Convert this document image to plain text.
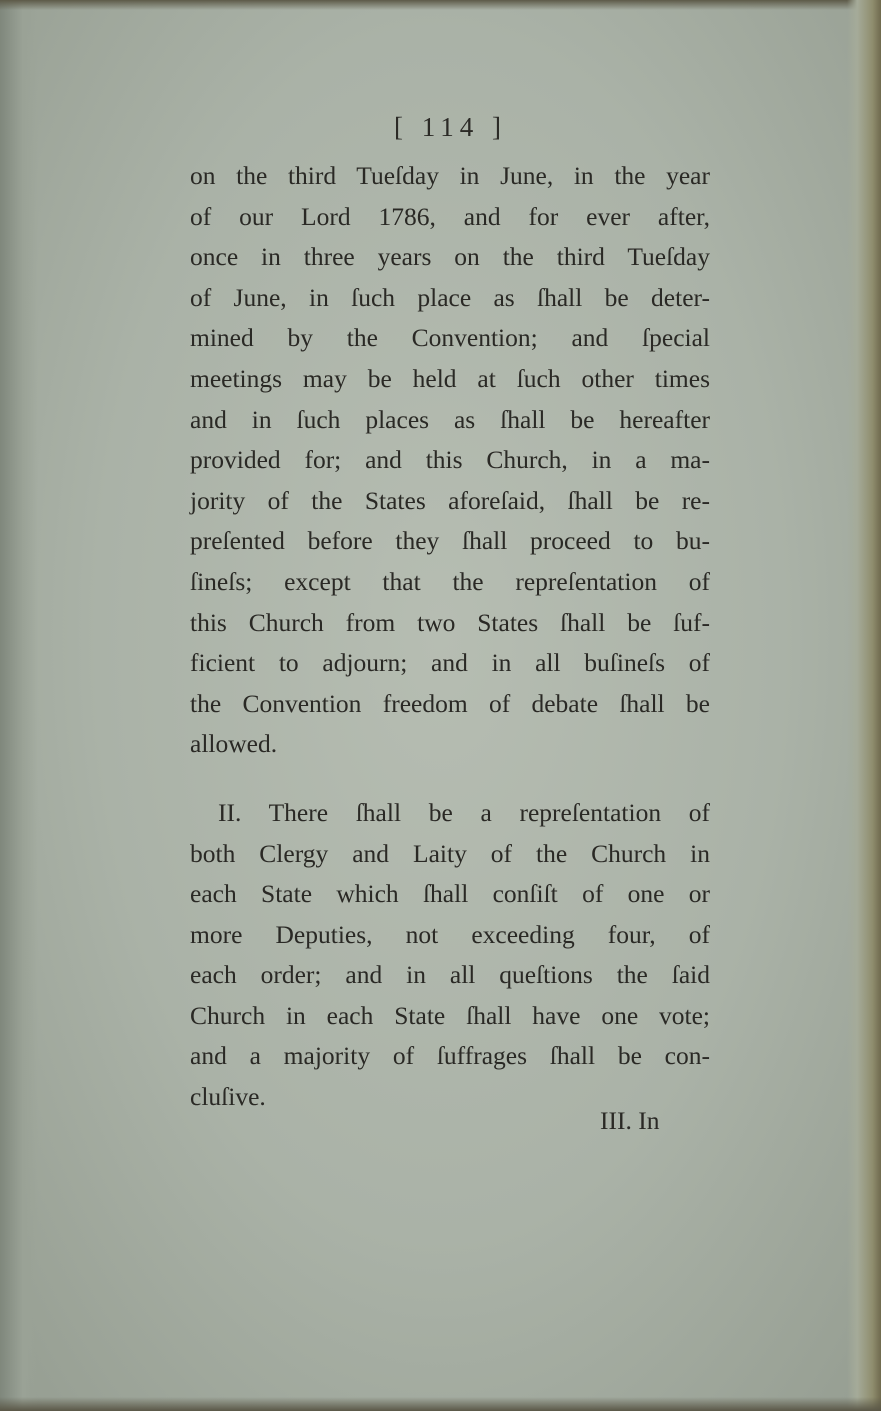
[ 114 ]
on the third Tueſday in June, in the year
of our Lord 1786, and for ever after,
once in three years on the third Tueſday
of June, in ſuch place as ſhall be deter-
mined by the Convention; and ſpecial
meetings may be held at ſuch other times
and in ſuch places as ſhall be hereafter
provided for; and this Church, in a ma-
jority of the States aforeſaid, ſhall be re-
preſented before they ſhall proceed to bu-
ſineſs; except that the repreſentation of
this Church from two States ſhall be ſuf-
ficient to adjourn; and in all buſineſs of
the Convention freedom of debate ſhall be
allowed.
II. There ſhall be a repreſentation of
both Clergy and Laity of the Church in
each State which ſhall conſiſt of one or
more Deputies, not exceeding four, of
each order; and in all queſtions the ſaid
Church in each State ſhall have one vote;
and a majority of ſuffrages ſhall be con-
cluſive.
III. In
